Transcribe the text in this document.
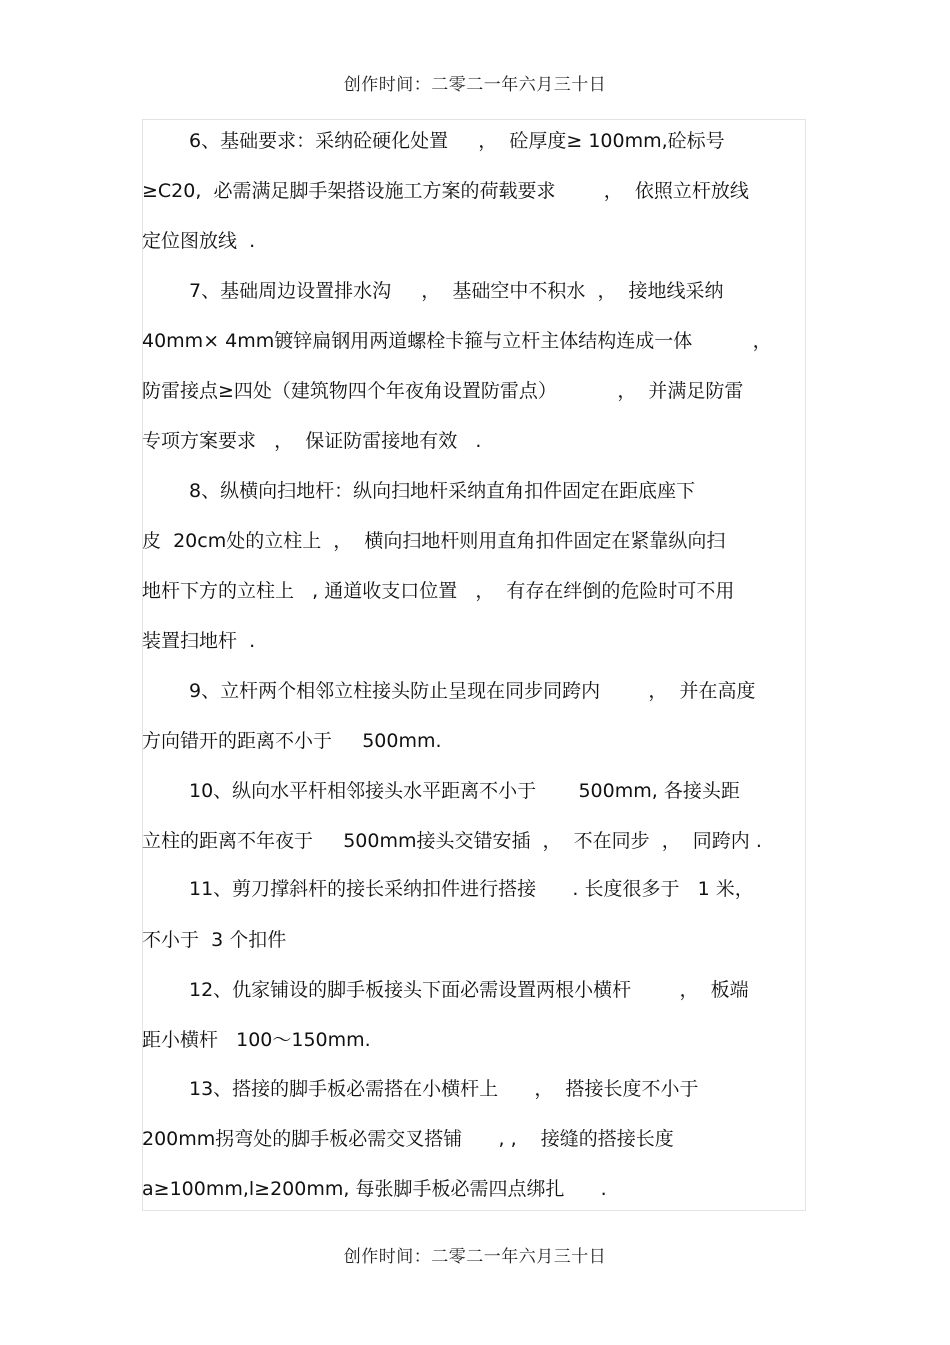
创作时间：二零二一年六月三十日
6、基础要求：采纳砼硬化处置     ，  砼厚度≥ 100mm,砼标号
≥C20,  必需满足脚手架搭设施工方案的荷载要求        ，  依照立杆放线
定位图放线  .
7、基础周边设置排水沟     ，  基础空中不积水  ，  接地线采纳
40mm× 4mm镀锌扁钢用两道螺栓卡箍与立杆主体结构连成一体          ，
防雷接点≥四处（建筑物四个年夜角设置防雷点）          ，  并满足防雷
专项方案要求   ，  保证防雷接地有效   .
8、纵横向扫地杆：纵向扫地杆采纳直角扣件固定在距底座下
皮  20cm处的立柱上  ，  横向扫地杆则用直角扣件固定在紧靠纵向扫
地杆下方的立柱上   , 通道收支口位置   ，  有存在绊倒的危险时可不用
装置扫地杆  .
9、立杆两个相邻立柱接头防止呈现在同步同跨内        ，  并在高度
方向错开的距离不小于     500mm.
10、纵向水平杆相邻接头水平距离不小于       500mm, 各接头距
立柱的距离不年夜于     500mm接头交错安插  ，  不在同步  ，  同跨内 .
11、剪刀撑斜杆的接长采纳扣件进行搭接      . 长度很多于   1 米，
不小于  3 个扣件
12、仇家铺设的脚手板接头下面必需设置两根小横杆        ，  板端
距小横杆   100～150mm.
13、搭接的脚手板必需搭在小横杆上      ，  搭接长度不小于
200mm拐弯处的脚手板必需交叉搭铺      , ,    接缝的搭接长度
a≥100mm,l≥200mm, 每张脚手板必需四点绑扎      .
创作时间：二零二一年六月三十日
